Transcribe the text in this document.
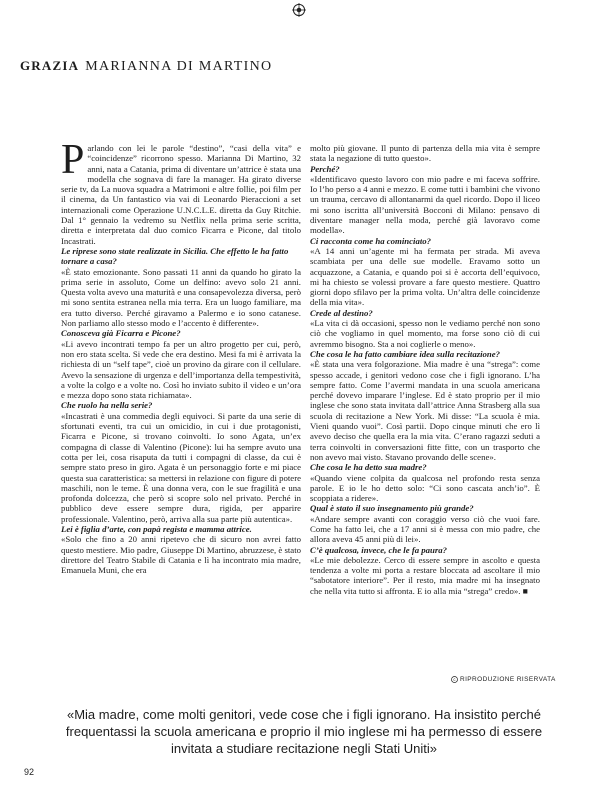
GRAZIA MARIANNA DI MARTINO

Parlando con lei le parole “destino”, “casi della vita” e “coincidenze” ricorrono spesso. Marianna Di Martino, 32 anni, nata a Catania, prima di diventare un’attrice è stata una modella che sognava di fare la manager. Ha girato diverse serie tv, da La nuova squadra a Matrimoni e altre follie, poi film per il cinema, da Un fantastico via vai di Leonardo Pieraccioni a set internazionali come Operazione U.N.C.L.E. diretta da Guy Ritchie. Dal 1° gennaio la vedremo su Netflix nella prima serie scritta, diretta e interpretata dal duo comico Ficarra e Picone, dal titolo Incastrati.

Le riprese sono state realizzate in Sicilia. Che effetto le ha fatto tornare a casa?

«È stato emozionante. Sono passati 11 anni da quando ho girato la prima serie in assoluto, Come un delfino: avevo solo 21 anni. Questa volta avevo una maturità e una consapevolezza diversa, però mi sono sentita estranea nella mia terra. Era un luogo familiare, ma era tutto diverso. Perché giravamo a Palermo e io sono catanese. Non parliamo allo stesso modo e l’accento è differente».

Conosceva già Ficarra e Picone?

«Li avevo incontrati tempo fa per un altro progetto per cui, però, non ero stata scelta. Si vede che era destino. Mesi fa mi è arrivata la richiesta di un “self tape”, cioè un provino da girare con il cellulare. Avevo la sensazione di urgenza e dell’importanza della tempestività, a volte la colgo e a volte no. Così ho inviato subito il video e un’ora e mezza dopo sono stata richiamata».

Che ruolo ha nella serie?

«Incastrati è una commedia degli equivoci. Si parte da una serie di sfortunati eventi, tra cui un omicidio, in cui i due protagonisti, Ficarra e Picone, si trovano coinvolti. Io sono Agata, un’ex compagna di classe di Valentino (Picone): lui ha sempre avuto una cotta per lei, cosa risaputa da tutti i compagni di classe, da cui è sempre stato preso in giro. Agata è un personaggio forte e mi piace questa sua caratteristica: sa mettersi in relazione con figure di potere maschili, non le teme. È una donna vera, con le sue fragilità e una profonda dolcezza, che però si scopre solo nel privato. Perché in pubblico deve essere sempre dura, rigida, per apparire professionale. Valentino, però, arriva alla sua parte più autentica».

Lei è figlia d’arte, con papà regista e mamma attrice.

«Solo che fino a 20 anni ripetevo che di sicuro non avrei fatto questo mestiere. Mio padre, Giuseppe Di Martino, abruzzese, è stato direttore del Teatro Stabile di Catania e lì ha incontrato mia madre, Emanuela Muni, che era

molto più giovane. Il punto di partenza della mia vita è sempre stata la negazione di tutto questo».

Perché?

«Identificavo questo lavoro con mio padre e mi faceva soffrire. Io l’ho perso a 4 anni e mezzo. E come tutti i bambini che vivono un trauma, cercavo di allontanarmi da quel ricordo. Dopo il liceo mi sono iscritta all’università Bocconi di Milano: pensavo di diventare manager nella moda, perché già lavoravo come modella».

Ci racconta come ha cominciato?

«A 14 anni un’agente mi ha fermata per strada. Mi aveva scambiata per una delle sue modelle. Eravamo sotto un acquazzone, a Catania, e quando poi si è accorta dell’equivoco, mi ha chiesto se volessi provare a fare questo mestiere. Quattro giorni dopo sfilavo per la prima volta. Un’altra delle coincidenze della mia vita».

Crede al destino?

«La vita ci dà occasioni, spesso non le vediamo perché non sono ciò che vogliamo in quel momento, ma forse sono ciò di cui avremmo bisogno. Sta a noi coglierle o meno».

Che cosa le ha fatto cambiare idea sulla recitazione?

«È stata una vera folgorazione. Mia madre è una “strega”: come spesso accade, i genitori vedono cose che i figli ignorano. L’ha sempre fatto. Come l’avermi mandata in una scuola americana perché dovevo imparare l’inglese. Ed è stato proprio per il mio inglese che sono stata invitata dall’attrice Anna Strasberg alla sua scuola di recitazione a New York. Mi disse: “La scuola è mia. Vieni quando vuoi”. Così partii. Dopo cinque minuti che ero lì avevo deciso che quella era la mia vita. C’erano ragazzi seduti a terra coinvolti in conversazioni fitte fitte, con un trasporto che non avevo mai visto. Stavano provando delle scene».

Che cosa le ha detto sua madre?

«Quando viene colpita da qualcosa nel profondo resta senza parole. E io le ho detto solo: “Ci sono cascata anch’io”. È scoppiata a ridere».

Qual è stato il suo insegnamento più grande?

«Andare sempre avanti con coraggio verso ciò che vuoi fare. Come ha fatto lei, che a 17 anni si è messa con mio padre, che allora aveva 45 anni più di lei».

C’è qualcosa, invece, che le fa paura?

«Le mie debolezze. Cerco di essere sempre in ascolto e questa tendenza a volte mi porta a restare bloccata ad ascoltare il mio “sabotatore interiore”. Per il resto, mia madre mi ha insegnato che nella vita tutto si affronta. E io alla mia “strega” credo». ■

c RIPRODUZIONE RISERVATA
«Mia madre, come molti genitori, vede cose che i figli ignorano. Ha insistito perché frequentassi la scuola americana e proprio il mio inglese mi ha permesso di essere invitata a studiare recitazione negli Stati Uniti»
92
